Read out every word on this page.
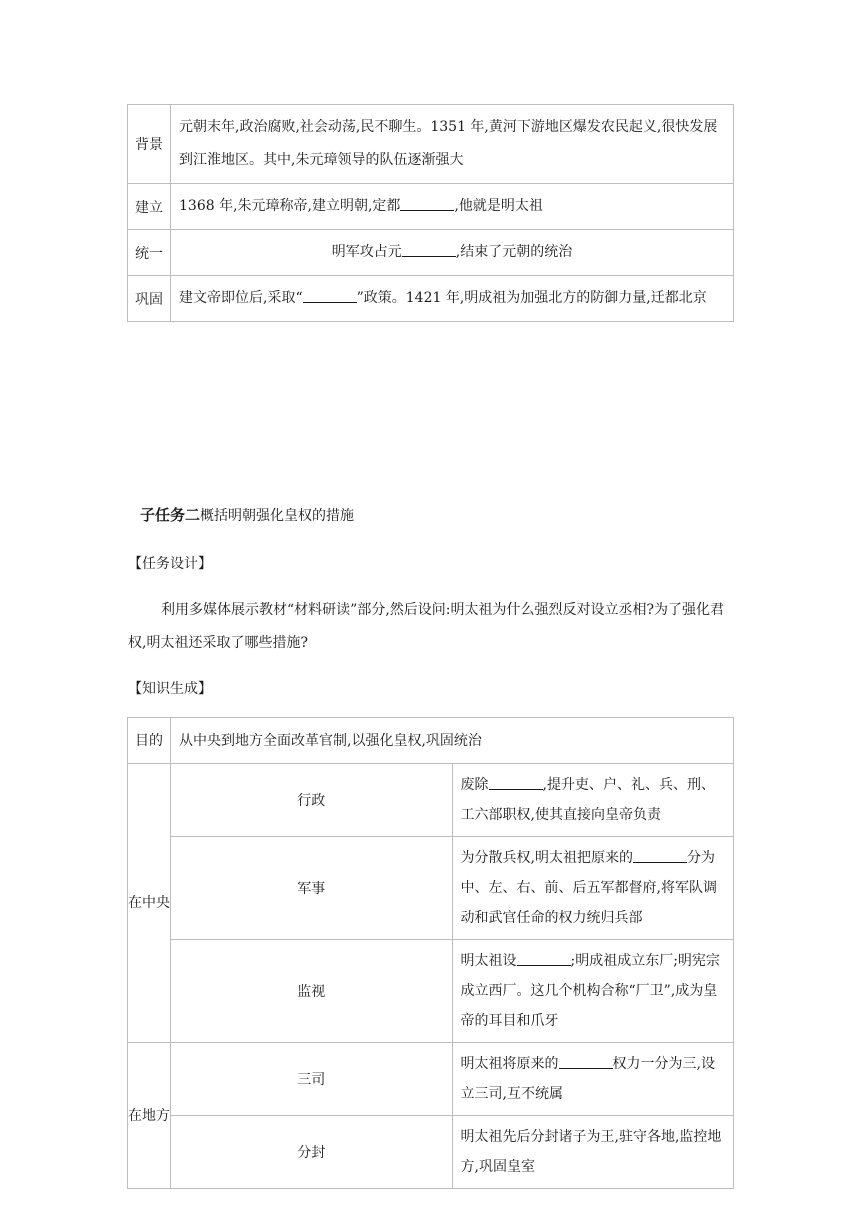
背景	元朝末年,政治腐败,社会动荡,民不聊生。1351 年,黄河下游地区爆发农民起义,很快发展到江淮地区。其中,朱元璋领导的队伍逐渐强大
建立	1368 年,朱元璋称帝,建立明朝,定都 ,他就是明太祖
统一	明军攻占元 ,结束了元朝的统治
巩固	建文帝即位后,采取“ ”政策。1421 年,明成祖为加强北方的防御力量,迁都北京
子任务二概括明朝强化皇权的措施
【任务设计】
利用多媒体展示教材“材料研读”部分,然后设问:明太祖为什么强烈反对设立丞相?为了强化君权,明太祖还采取了哪些措施?
【知识生成】
目的	从中央到地方全面改革官制,以强化皇权,巩固统治	
在中央	行政	废除 ,提升吏、户、礼、兵、刑、工六部职权,使其直接向皇帝负责
	军事	为分散兵权,明太祖把原来的 分为中、左、右、前、后五军都督府,将军队调动和武官任命的权力统归兵部
	监视	明太祖设 ;明成祖成立东厂;明宪宗成立西厂。这几个机构合称“厂卫”,成为皇帝的耳目和爪牙
在地方	三司	明太祖将原来的 权力一分为三,设立三司,互不统属
	分封	明太祖先后分封诸子为王,驻守各地,监控地方,巩固皇室
